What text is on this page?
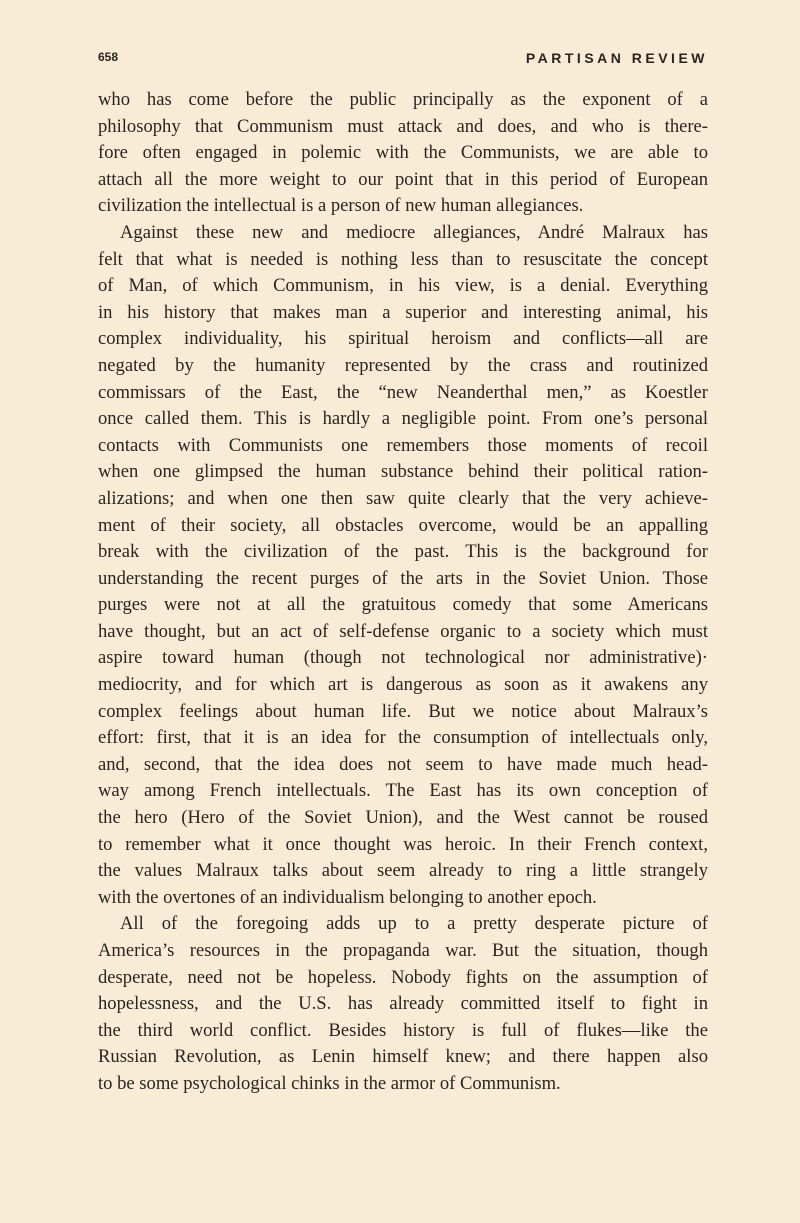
658	PARTISAN REVIEW
who has come before the public principally as the exponent of a
philosophy that Communism must attack and does, and who is there-
fore often engaged in polemic with the Communists, we are able to
attach all the more weight to our point that in this period of European
civilization the intellectual is a person of new human allegiances.
Against these new and mediocre allegiances, André Malraux has
felt that what is needed is nothing less than to resuscitate the concept
of Man, of which Communism, in his view, is a denial. Everything
in his history that makes man a superior and interesting animal, his
complex individuality, his spiritual heroism and conflicts—all are
negated by the humanity represented by the crass and routinized
commissars of the East, the “new Neanderthal men,” as Koestler
once called them. This is hardly a negligible point. From one’s personal
contacts with Communists one remembers those moments of recoil
when one glimpsed the human substance behind their political ration-
alizations; and when one then saw quite clearly that the very achieve-
ment of their society, all obstacles overcome, would be an appalling
break with the civilization of the past. This is the background for
understanding the recent purges of the arts in the Soviet Union. Those
purges were not at all the gratuitous comedy that some Americans
have thought, but an act of self-defense organic to a society which must
aspire toward human (though not technological nor administrative)·
mediocrity, and for which art is dangerous as soon as it awakens any
complex feelings about human life. But we notice about Malraux’s
effort: first, that it is an idea for the consumption of intellectuals only,
and, second, that the idea does not seem to have made much head-
way among French intellectuals. The East has its own conception of
the hero (Hero of the Soviet Union), and the West cannot be roused
to remember what it once thought was heroic. In their French context,
the values Malraux talks about seem already to ring a little strangely
with the overtones of an individualism belonging to another epoch.
All of the foregoing adds up to a pretty desperate picture of
America’s resources in the propaganda war. But the situation, though
desperate, need not be hopeless. Nobody fights on the assumption of
hopelessness, and the U.S. has already committed itself to fight in
the third world conflict. Besides history is full of flukes—like the
Russian Revolution, as Lenin himself knew; and there happen also
to be some psychological chinks in the armor of Communism.
